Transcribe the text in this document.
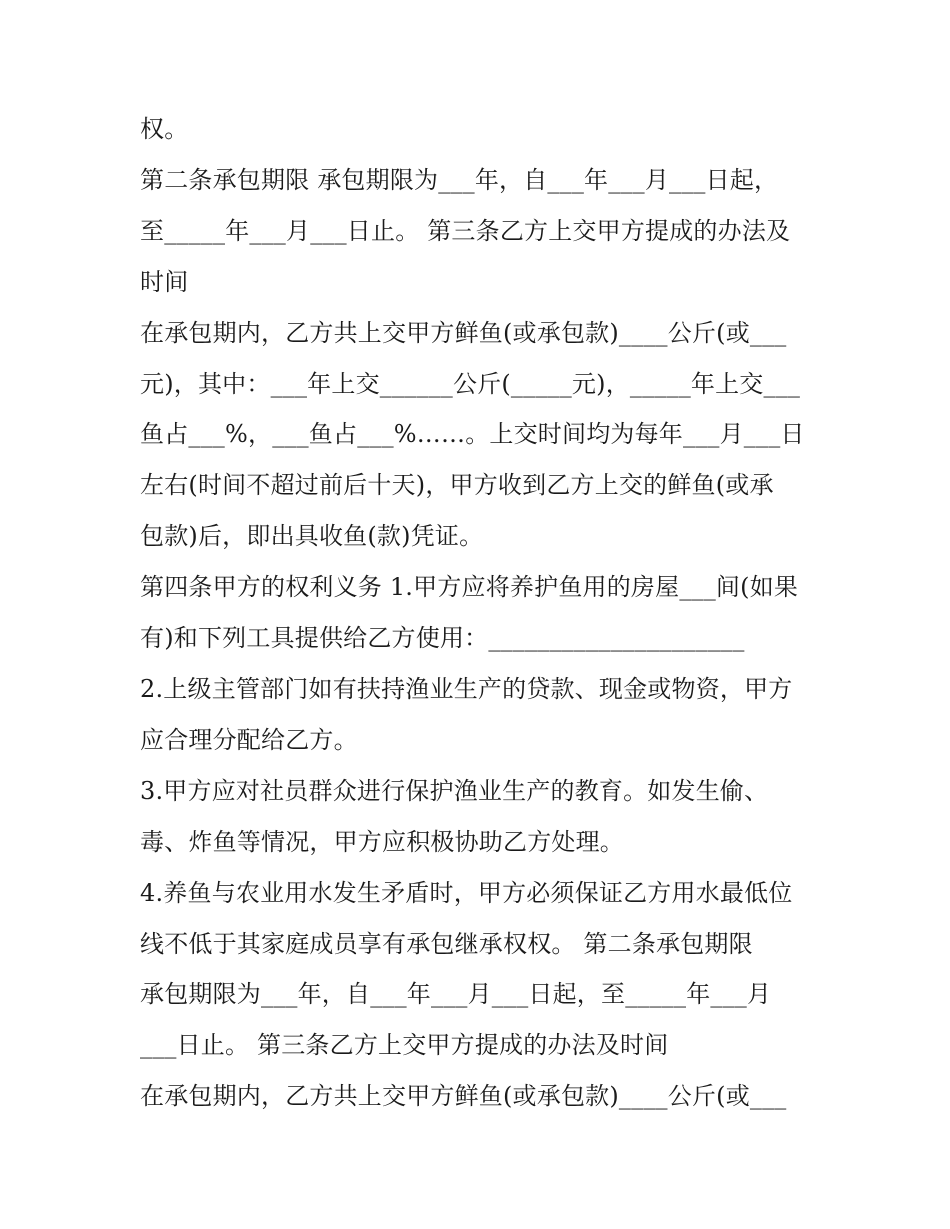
权。
第二条承包期限 承包期限为___年，自___年___月___日起，
至_____年___月___日止。 第三条乙方上交甲方提成的办法及
时间
在承包期内，乙方共上交甲方鲜鱼(或承包款)____公斤(或___
元)，其中：___年上交______公斤(_____元)，_____年上交___
鱼占___%，___鱼占___%……。上交时间均为每年___月___日
左右(时间不超过前后十天)，甲方收到乙方上交的鲜鱼(或承
包款)后，即出具收鱼(款)凭证。
第四条甲方的权利义务 1.甲方应将养护鱼用的房屋___间(如果
有)和下列工具提供给乙方使用：_____________________
2.上级主管部门如有扶持渔业生产的贷款、现金或物资，甲方
应合理分配给乙方。
3.甲方应对社员群众进行保护渔业生产的教育。如发生偷、
毒、炸鱼等情况，甲方应积极协助乙方处理。
4.养鱼与农业用水发生矛盾时，甲方必须保证乙方用水最低位
线不低于其家庭成员享有承包继承权权。 第二条承包期限
承包期限为___年，自___年___月___日起，至_____年___月
___日止。 第三条乙方上交甲方提成的办法及时间
在承包期内，乙方共上交甲方鲜鱼(或承包款)____公斤(或___
